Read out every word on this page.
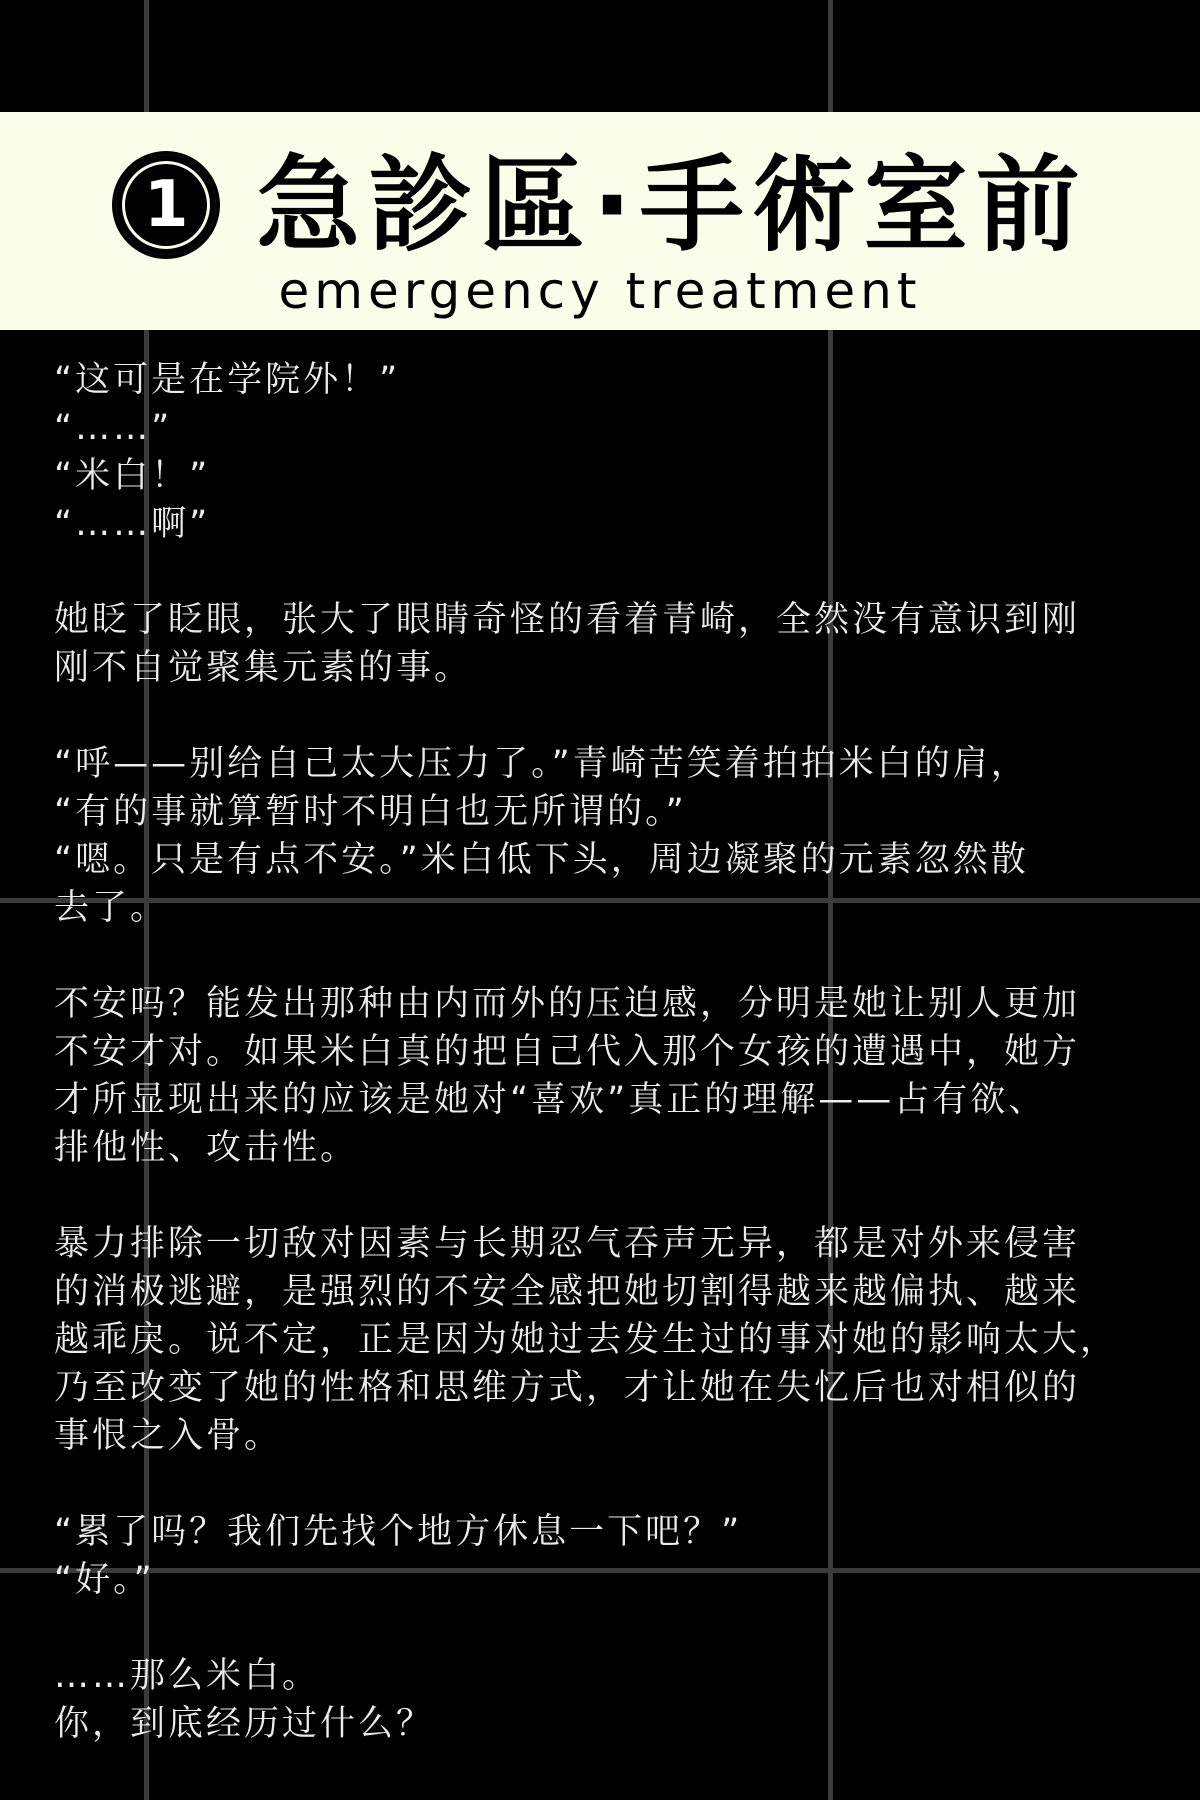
1 急診區·手術室前
emergency treatment
“这可是在学院外！”
“……”
“米白！”
“……啊”
她眨了眨眼，张大了眼睛奇怪的看着青崎，全然没有意识到刚
刚不自觉聚集元素的事。
“呼——别给自己太大压力了。”青崎苦笑着拍拍米白的肩，
“有的事就算暂时不明白也无所谓的。”
“嗯。只是有点不安。”米白低下头，周边凝聚的元素忽然散
去了。
不安吗？能发出那种由内而外的压迫感，分明是她让别人更加
不安才对。如果米白真的把自己代入那个女孩的遭遇中，她方
才所显现出来的应该是她对“喜欢”真正的理解——占有欲、
排他性、攻击性。
暴力排除一切敌对因素与长期忍气吞声无异，都是对外来侵害
的消极逃避，是强烈的不安全感把她切割得越来越偏执、越来
越乖戾。说不定，正是因为她过去发生过的事对她的影响太大，
乃至改变了她的性格和思维方式，才让她在失忆后也对相似的
事恨之入骨。
“累了吗？我们先找个地方休息一下吧？”
“好。”
……那么米白。
你，到底经历过什么？
